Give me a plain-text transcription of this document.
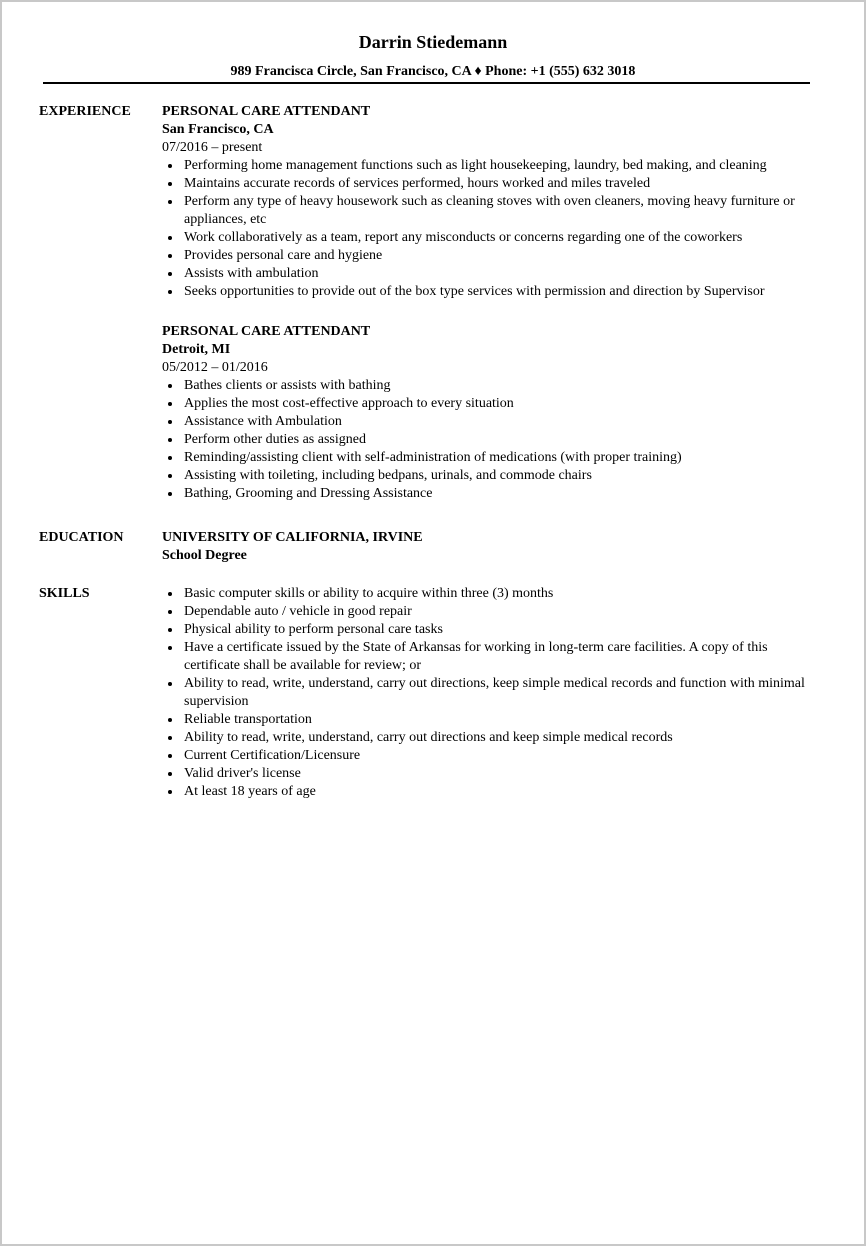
Darrin Stiedemann
989 Francisca Circle, San Francisco, CA ♦ Phone: +1 (555) 632 3018
EXPERIENCE PERSONAL CARE ATTENDANT
San Francisco, CA
07/2016 – present
Performing home management functions such as light housekeeping, laundry, bed making, and cleaning
Maintains accurate records of services performed, hours worked and miles traveled
Perform any type of heavy housework such as cleaning stoves with oven cleaners, moving heavy furniture or appliances, etc
Work collaboratively as a team, report any misconducts or concerns regarding one of the coworkers
Provides personal care and hygiene
Assists with ambulation
Seeks opportunities to provide out of the box type services with permission and direction by Supervisor
PERSONAL CARE ATTENDANT
Detroit, MI
05/2012 – 01/2016
Bathes clients or assists with bathing
Applies the most cost-effective approach to every situation
Assistance with Ambulation
Perform other duties as assigned
Reminding/assisting client with self-administration of medications (with proper training)
Assisting with toileting, including bedpans, urinals, and commode chairs
Bathing, Grooming and Dressing Assistance
EDUCATION	UNIVERSITY OF CALIFORNIA, IRVINE
School Degree
SKILLS	Basic computer skills or ability to acquire within three (3) months
Dependable auto / vehicle in good repair
Physical ability to perform personal care tasks
Have a certificate issued by the State of Arkansas for working in long-term care facilities. A copy of this certificate shall be available for review; or
Ability to read, write, understand, carry out directions, keep simple medical records and function with minimal supervision
Reliable transportation
Ability to read, write, understand, carry out directions and keep simple medical records
Current Certification/Licensure
Valid driver's license
At least 18 years of age
